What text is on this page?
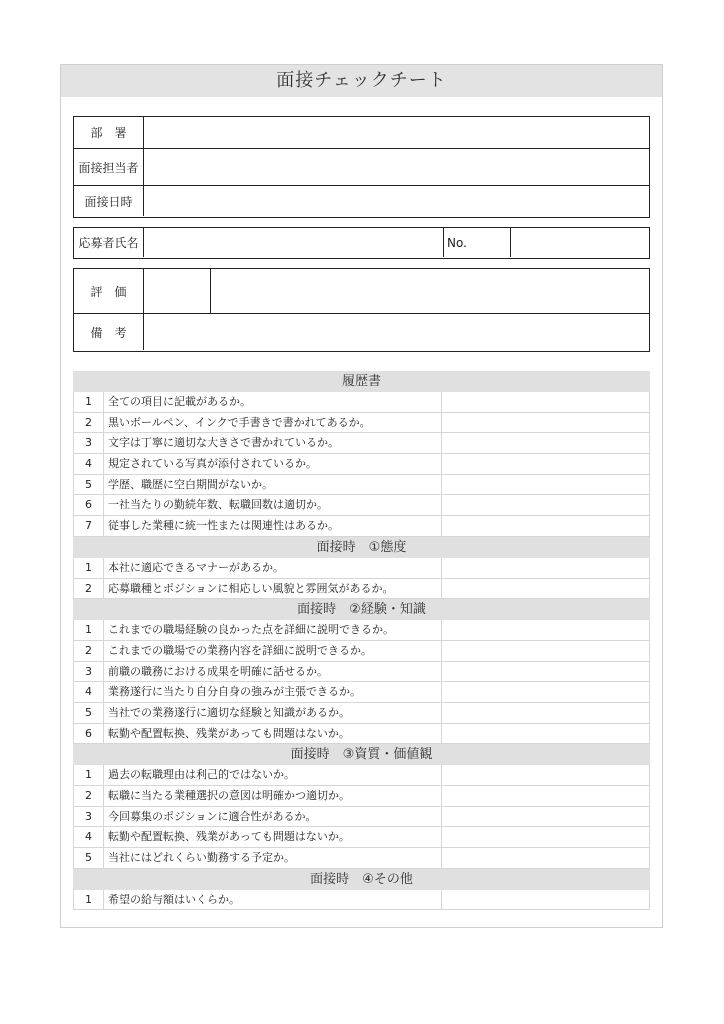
面接チェックチート
部　署
面接担当者
面接日時
応募者氏名	No.
評　価
備　考
履歴書
1	全ての項目に記載があるか。
2	黒いボールペン、インクで手書きで書かれてあるか。
3	文字は丁寧に適切な大きさで書かれているか。
4	規定されている写真が添付されているか。
5	学歴、職歴に空白期間がないか。
6	一社当たりの勤続年数、転職回数は適切か。
7	従事した業種に統一性または関連性はあるか。
面接時　①態度
1	本社に適応できるマナーがあるか。
2	応募職種とポジションに相応しい風貌と雰囲気があるか。
面接時　②経験・知識
1	これまでの職場経験の良かった点を詳細に説明できるか。
2	これまでの職場での業務内容を詳細に説明できるか。
3	前職の職務における成果を明確に話せるか。
4	業務遂行に当たり自分自身の強みが主張できるか。
5	当社での業務遂行に適切な経験と知識があるか。
6	転勤や配置転換、残業があっても問題はないか。
面接時　③資質・価値観
1	過去の転職理由は利己的ではないか。
2	転職に当たる業種選択の意図は明確かつ適切か。
3	今回募集のポジションに適合性があるか。
4	転勤や配置転換、残業があっても問題はないか。
5	当社にはどれくらい勤務する予定か。
面接時　④その他
1	希望の給与額はいくらか。
